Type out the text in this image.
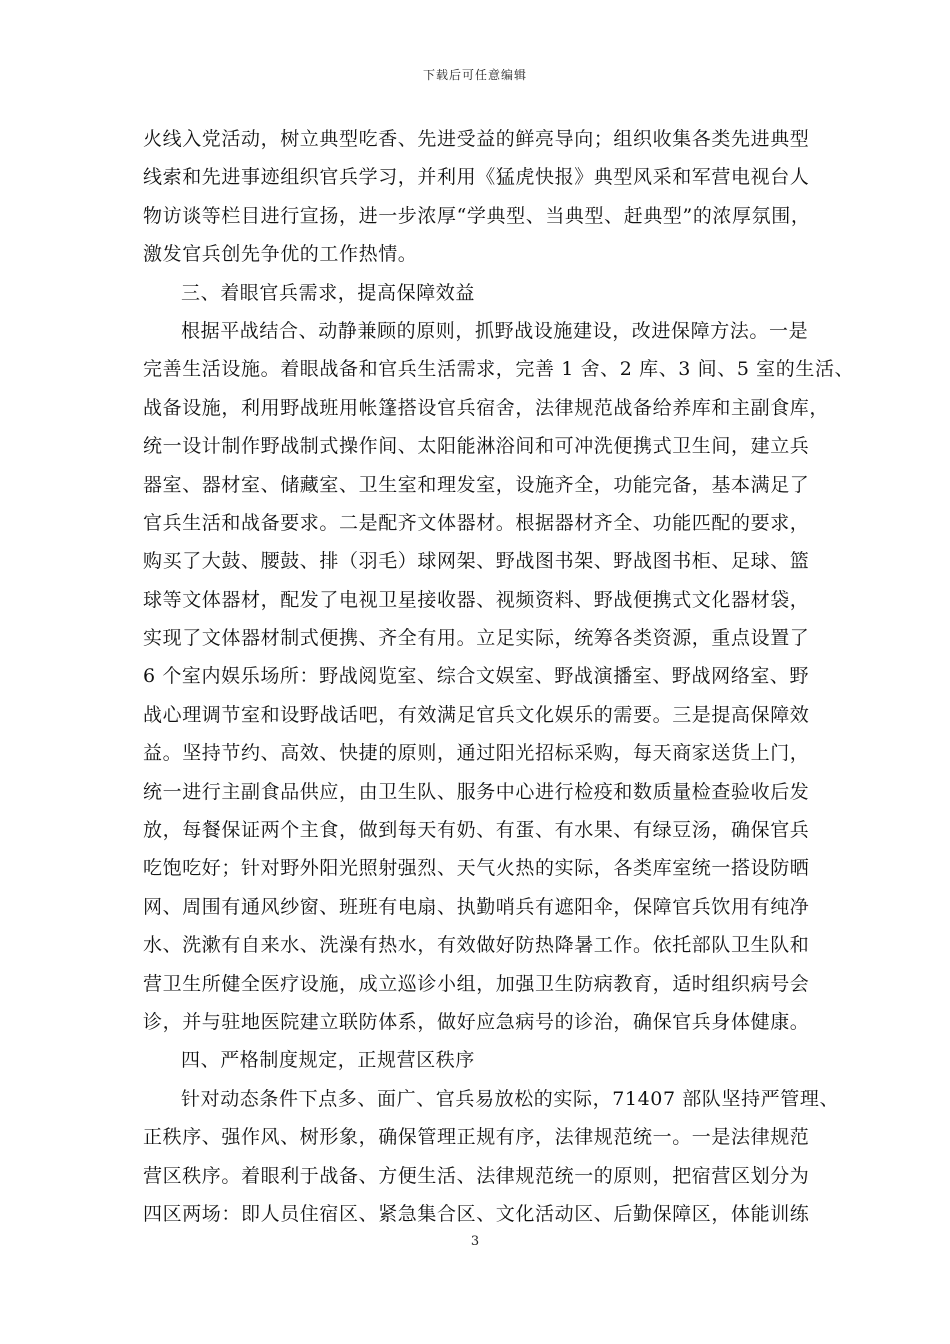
下载后可任意编辑
火线入党活动，树立典型吃香、先进受益的鲜亮导向；组织收集各类先进典型
线索和先进事迹组织官兵学习，并利用《猛虎快报》典型风采和军营电视台人
物访谈等栏目进行宣扬，进一步浓厚“学典型、当典型、赶典型”的浓厚氛围，
激发官兵创先争优的工作热情。
三、着眼官兵需求，提高保障效益
根据平战结合、动静兼顾的原则，抓野战设施建设，改进保障方法。一是
完善生活设施。着眼战备和官兵生活需求，完善 1 舍、2 库、3 间、5 室的生活、
战备设施，利用野战班用帐篷搭设官兵宿舍，法律规范战备给养库和主副食库，
统一设计制作野战制式操作间、太阳能淋浴间和可冲洗便携式卫生间，建立兵
器室、器材室、储藏室、卫生室和理发室，设施齐全，功能完备，基本满足了
官兵生活和战备要求。二是配齐文体器材。根据器材齐全、功能匹配的要求，
购买了大鼓、腰鼓、排（羽毛）球网架、野战图书架、野战图书柜、足球、篮
球等文体器材，配发了电视卫星接收器、视频资料、野战便携式文化器材袋，
实现了文体器材制式便携、齐全有用。立足实际，统筹各类资源，重点设置了
6 个室内娱乐场所：野战阅览室、综合文娱室、野战演播室、野战网络室、野
战心理调节室和设野战话吧，有效满足官兵文化娱乐的需要。三是提高保障效
益。坚持节约、高效、快捷的原则，通过阳光招标采购，每天商家送货上门，
统一进行主副食品供应，由卫生队、服务中心进行检疫和数质量检查验收后发
放，每餐保证两个主食，做到每天有奶、有蛋、有水果、有绿豆汤，确保官兵
吃饱吃好；针对野外阳光照射强烈、天气火热的实际，各类库室统一搭设防晒
网、周围有通风纱窗、班班有电扇、执勤哨兵有遮阳伞，保障官兵饮用有纯净
水、洗漱有自来水、洗澡有热水，有效做好防热降暑工作。依托部队卫生队和
营卫生所健全医疗设施，成立巡诊小组，加强卫生防病教育，适时组织病号会
诊，并与驻地医院建立联防体系，做好应急病号的诊治，确保官兵身体健康。
四、严格制度规定，正规营区秩序
针对动态条件下点多、面广、官兵易放松的实际，71407 部队坚持严管理、
正秩序、强作风、树形象，确保管理正规有序，法律规范统一。一是法律规范
营区秩序。着眼利于战备、方便生活、法律规范统一的原则，把宿营区划分为
四区两场：即人员住宿区、紧急集合区、文化活动区、后勤保障区，体能训练
3
